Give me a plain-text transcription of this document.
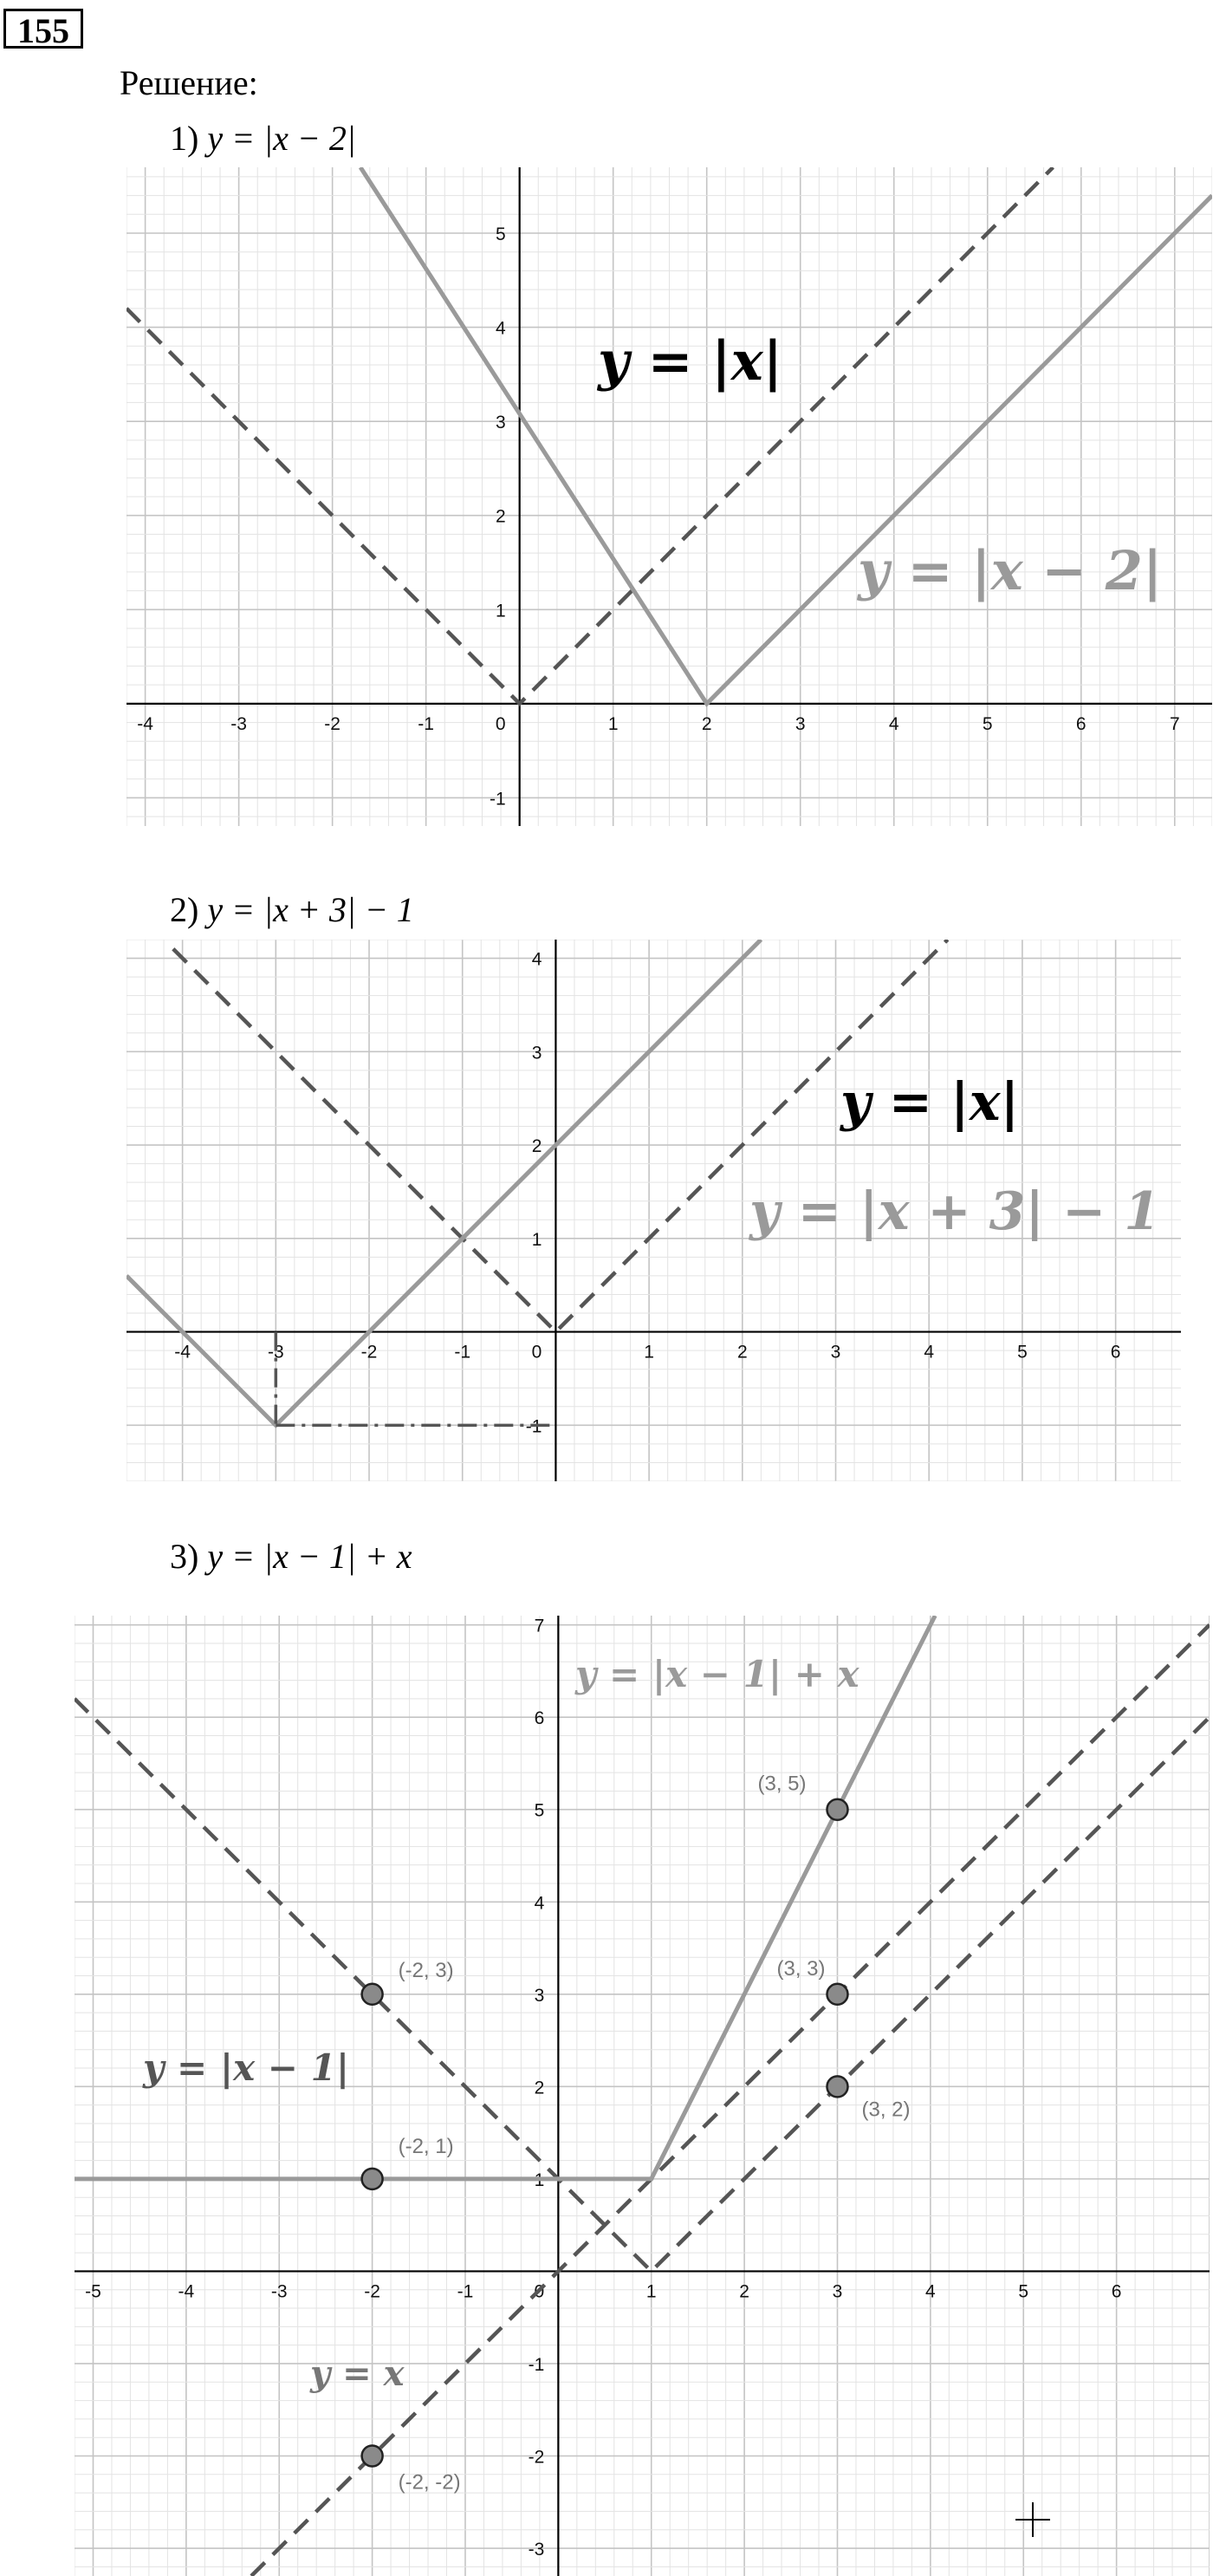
155
Решение:
1) y = |x − 2|
2) y = |x + 3| − 1
3) y = |x − 1| + x
-4	-3	-2	-1	0	1	2	3	4	5	6	7
-1
1
2
3
4
5
y = |x|
y = |x − 2|
-4	-3	-2	-1	0	1	2	3	4	5	6
-1
1
2
3
4
y = |x|
y = |x + 3| − 1
-5	-4	-3	-2	-1	0	1	2	3	4	5	6
-3
-2
-1
1
2
3
4
5
6
7
(3, 5)
(3, 3)
(3, 2)
(-2, 3)
(-2, 1)
(-2, -2)
y = |x − 1| + x
y = |x − 1|
y = x
